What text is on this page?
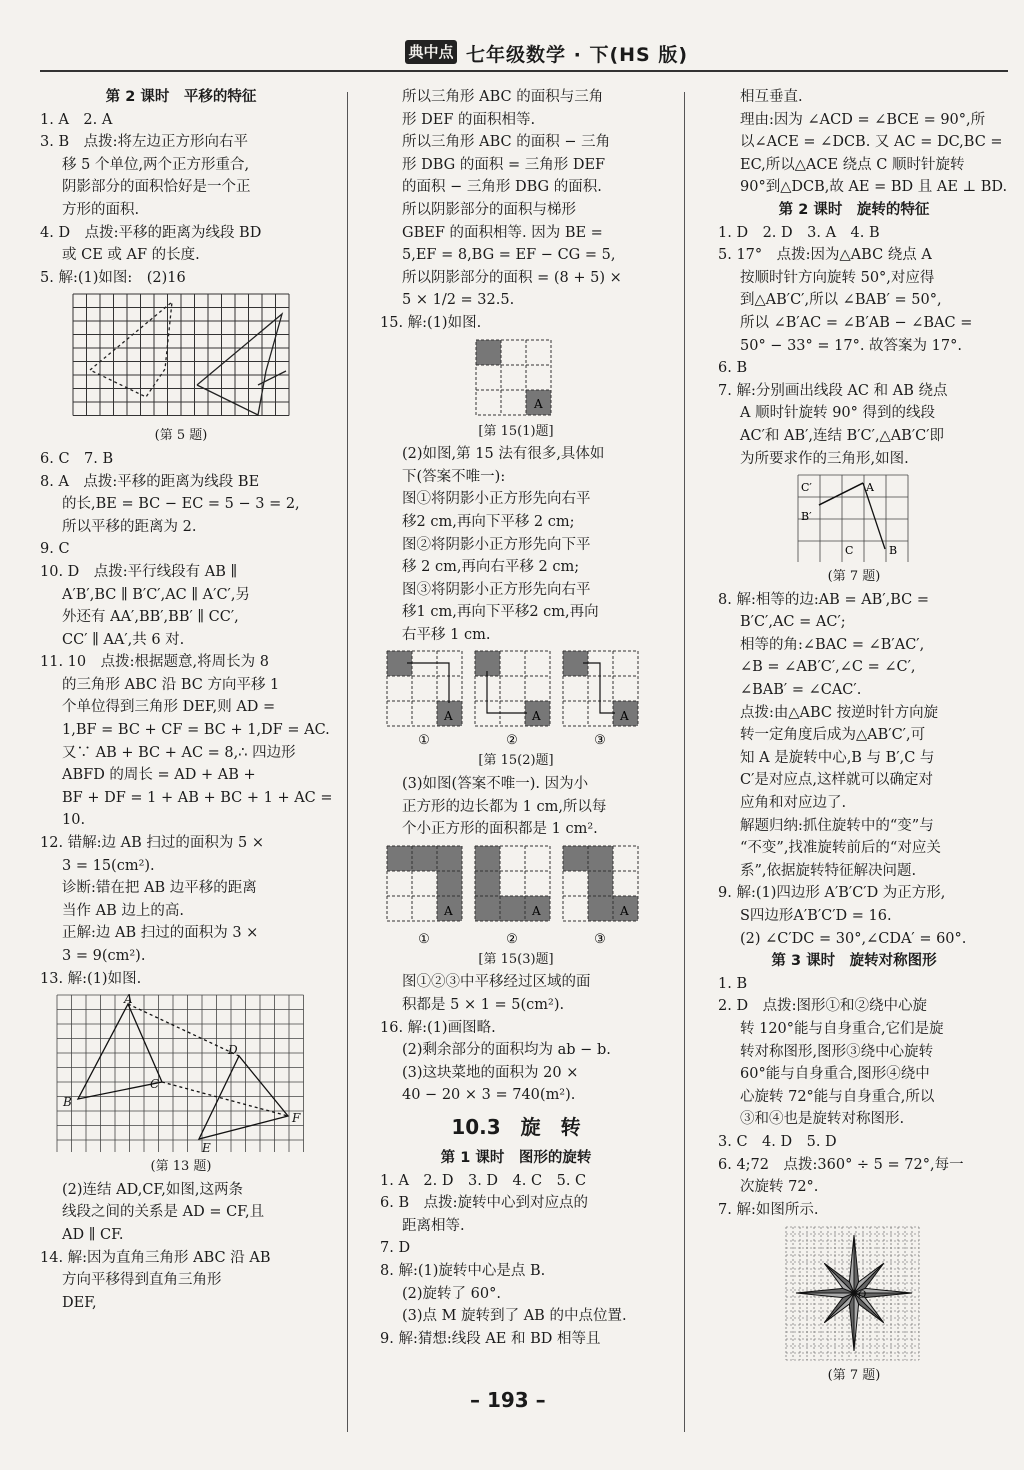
典中点 七年级数学 · 下(HS 版)
第 2 课时　平移的特征
1. A　2. A
3. B　点拨:将左边正方形向右平
移 5 个单位,两个正方形重合,
阴影部分的面积恰好是一个正
方形的面积.
4. D　点拨:平移的距离为线段 BD
或 CE 或 AF 的长度.
5. 解:(1)如图:　(2)16
(第 5 题)
6. C　7. B
8. A　点拨:平移的距离为线段 BE
的长,BE = BC − EC = 5 − 3 = 2,
所以平移的距离为 2.
9. C
10. D　点拨:平行线段有 AB ∥
A′B′,BC ∥ B′C′,AC ∥ A′C′,另
外还有 AA′,BB′,BB′ ∥ CC′,
CC′ ∥ AA′,共 6 对.
11. 10　点拨:根据题意,将周长为 8
的三角形 ABC 沿 BC 方向平移 1
个单位得到三角形 DEF,则 AD =
1,BF = BC + CF = BC + 1,DF = AC.
又∵ AB + BC + AC = 8,∴ 四边形
ABFD 的周长 = AD + AB +
BF + DF = 1 + AB + BC + 1 + AC =
10.
12. 错解:边 AB 扫过的面积为 5 ×
3 = 15(cm²).
诊断:错在把 AB 边平移的距离
当作 AB 边上的高.
正解:边 AB 扫过的面积为 3 ×
3 = 9(cm²).
13. 解:(1)如图.
A
B
C
D
E
F
(第 13 题)
(2)连结 AD,CF,如图,这两条
线段之间的关系是 AD = CF,且
AD ∥ CF.
14. 解:因为直角三角形 ABC 沿 AB
方向平移得到直角三角形
DEF,
所以三角形 ABC 的面积与三角
形 DEF 的面积相等.
所以三角形 ABC 的面积 − 三角
形 DBG 的面积 = 三角形 DEF
的面积 − 三角形 DBG 的面积.
所以阴影部分的面积与梯形
GBEF 的面积相等. 因为 BE =
5,EF = 8,BG = EF − CG = 5,
所以阴影部分的面积 = (8 + 5) ×
5 × 1/2 = 32.5.
15. 解:(1)如图.
A
[第 15(1)题]
(2)如图,第 15 法有很多,具体如
下(答案不唯一):
图①将阴影小正方形先向右平
移2 cm,再向下平移 2 cm;
图②将阴影小正方形先向下平
移 2 cm,再向右平移 2 cm;
图③将阴影小正方形先向右平
移1 cm,再向下平移2 cm,再向
右平移 1 cm.
A	A	A
①	②	③
[第 15(2)题]
(3)如图(答案不唯一). 因为小
正方形的边长都为 1 cm,所以每
个小正方形的面积都是 1 cm².
A	A	A
①	②	③
[第 15(3)题]
图①②③中平移经过区域的面
积都是 5 × 1 = 5(cm²).
16. 解:(1)画图略.
(2)剩余部分的面积均为 ab − b.
(3)这块菜地的面积为 20 ×
40 − 20 × 3 = 740(m²).
10.3　旋　转
第 1 课时　图形的旋转
1. A　2. D　3. D　4. C　5. C
6. B　点拨:旋转中心到对应点的
距离相等.
7. D
8. 解:(1)旋转中心是点 B.
(2)旋转了 60°.
(3)点 M 旋转到了 AB 的中点位置.
9. 解:猜想:线段 AE 和 BD 相等且
相互垂直.
理由:因为 ∠ACD = ∠BCE = 90°,所
以∠ACE = ∠DCB. 又 AC = DC,BC =
EC,所以△ACE 绕点 C 顺时针旋转
90°到△DCB,故 AE = BD 且 AE ⊥ BD.
第 2 课时　旋转的特征
1. D　2. D　3. A　4. B
5. 17°　点拨:因为△ABC 绕点 A
按顺时针方向旋转 50°,对应得
到△AB′C′,所以 ∠BAB′ = 50°,
所以 ∠B′AC = ∠B′AB − ∠BAC =
50° − 33° = 17°. 故答案为 17°.
6. B
7. 解:分别画出线段 AC 和 AB 绕点
A 顺时针旋转 90° 得到的线段
AC′和 AB′,连结 B′C′,△AB′C′即
为所要求作的三角形,如图.
C′	A
B′
C	B
(第 7 题)
8. 解:相等的边:AB = AB′,BC =
B′C′,AC = AC′;
相等的角:∠BAC = ∠B′AC′,
∠B = ∠AB′C′,∠C = ∠C′,
∠BAB′ = ∠CAC′.
点拨:由△ABC 按逆时针方向旋
转一定角度后成为△AB′C′,可
知 A 是旋转中心,B 与 B′,C 与
C′是对应点,这样就可以确定对
应角和对应边了.
解题归纳:抓住旋转中的“变”与
“不变”,找准旋转前后的“对应关
系”,依据旋转特征解决问题.
9. 解:(1)四边形 A′B′C′D 为正方形,
S四边形A′B′C′D = 16.
(2) ∠C′DC = 30°,∠CDA′ = 60°.
第 3 课时　旋转对称图形
1. B
2. D　点拨:图形①和②绕中心旋
转 120°能与自身重合,它们是旋
转对称图形,图形③绕中心旋转
60°能与自身重合,图形④绕中
心旋转 72°能与自身重合,所以
③和④也是旋转对称图形.
3. C　4. D　5. D
6. 4;72　点拨:360° ÷ 5 = 72°,每一
次旋转 72°.
7. 解:如图所示.
O
(第 7 题)
– 193 –
